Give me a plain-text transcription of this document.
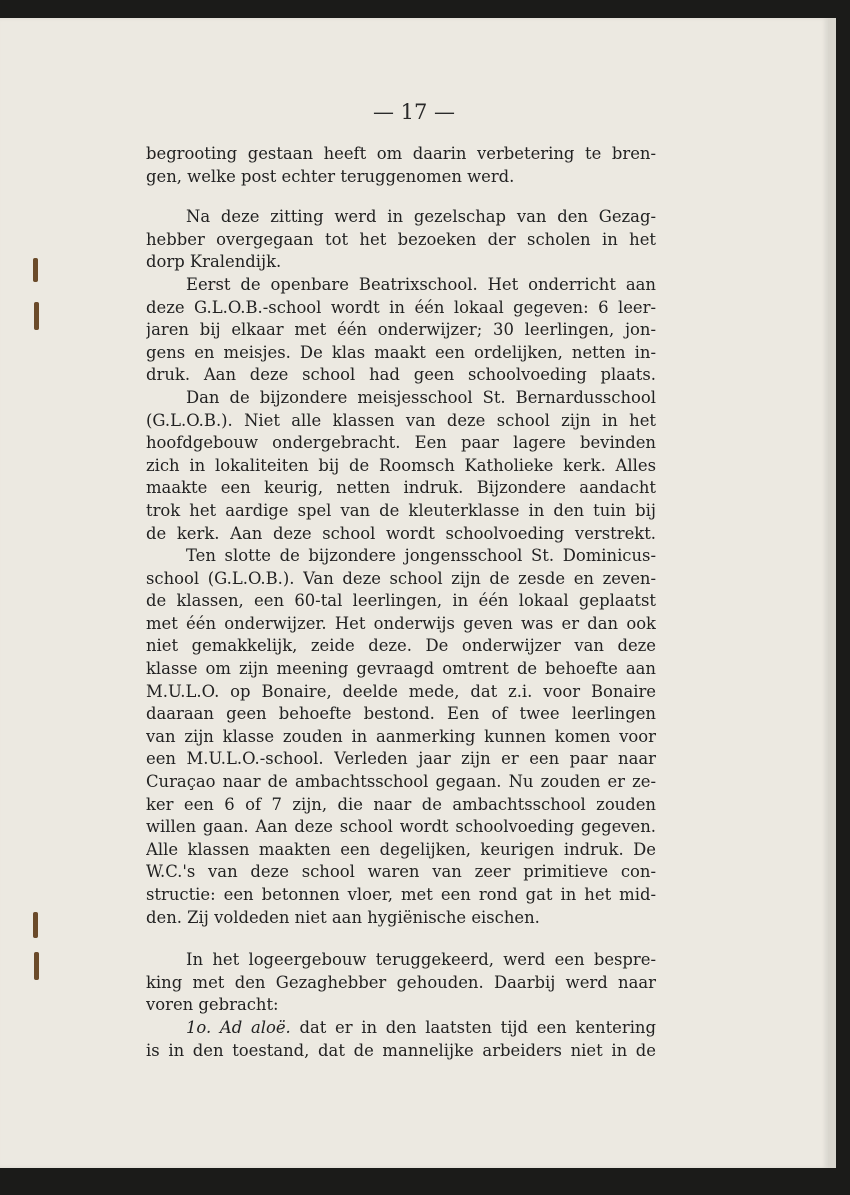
— 17 —
begrooting gestaan heeft om daarin verbetering te bren-
gen, welke post echter teruggenomen werd.
Na deze zitting werd in gezelschap van den Gezag-
hebber overgegaan tot het bezoeken der scholen in het
dorp Kralendijk.
Eerst de openbare Beatrixschool. Het onderricht aan
deze G.L.O.B.-school wordt in één lokaal gegeven: 6 leer-
jaren bij elkaar met één onderwijzer; 30 leerlingen, jon-
gens en meisjes. De klas maakt een ordelijken, netten in-
druk. Aan deze school had geen schoolvoeding plaats.
Dan de bijzondere meisjesschool St. Bernardusschool
(G.L.O.B.). Niet alle klassen van deze school zijn in het
hoofdgebouw ondergebracht. Een paar lagere bevinden
zich in lokaliteiten bij de Roomsch Katholieke kerk. Alles
maakte een keurig, netten indruk. Bijzondere aandacht
trok het aardige spel van de kleuterklasse in den tuin bij
de kerk. Aan deze school wordt schoolvoeding verstrekt.
Ten slotte de bijzondere jongensschool St. Dominicus-
school (G.L.O.B.). Van deze school zijn de zesde en zeven-
de klassen, een 60-tal leerlingen, in één lokaal geplaatst
met één onderwijzer. Het onderwijs geven was er dan ook
niet gemakkelijk, zeide deze. De onderwijzer van deze
klasse om zijn meening gevraagd omtrent de behoefte aan
M.U.L.O. op Bonaire, deelde mede, dat z.i. voor Bonaire
daaraan geen behoefte bestond. Een of twee leerlingen
van zijn klasse zouden in aanmerking kunnen komen voor
een M.U.L.O.-school. Verleden jaar zijn er een paar naar
Curaçao naar de ambachtsschool gegaan. Nu zouden er ze-
ker een 6 of 7 zijn, die naar de ambachtsschool zouden
willen gaan. Aan deze school wordt schoolvoeding gegeven.
Alle klassen maakten een degelijken, keurigen indruk. De
W.C.'s van deze school waren van zeer primitieve con-
structie: een betonnen vloer, met een rond gat in het mid-
den. Zij voldeden niet aan hygiënische eischen.
In het logeergebouw teruggekeerd, werd een bespre-
king met den Gezaghebber gehouden. Daarbij werd naar
voren gebracht:
1o. Ad aloë. dat er in den laatsten tijd een kentering
is in den toestand, dat de mannelijke arbeiders niet in de
